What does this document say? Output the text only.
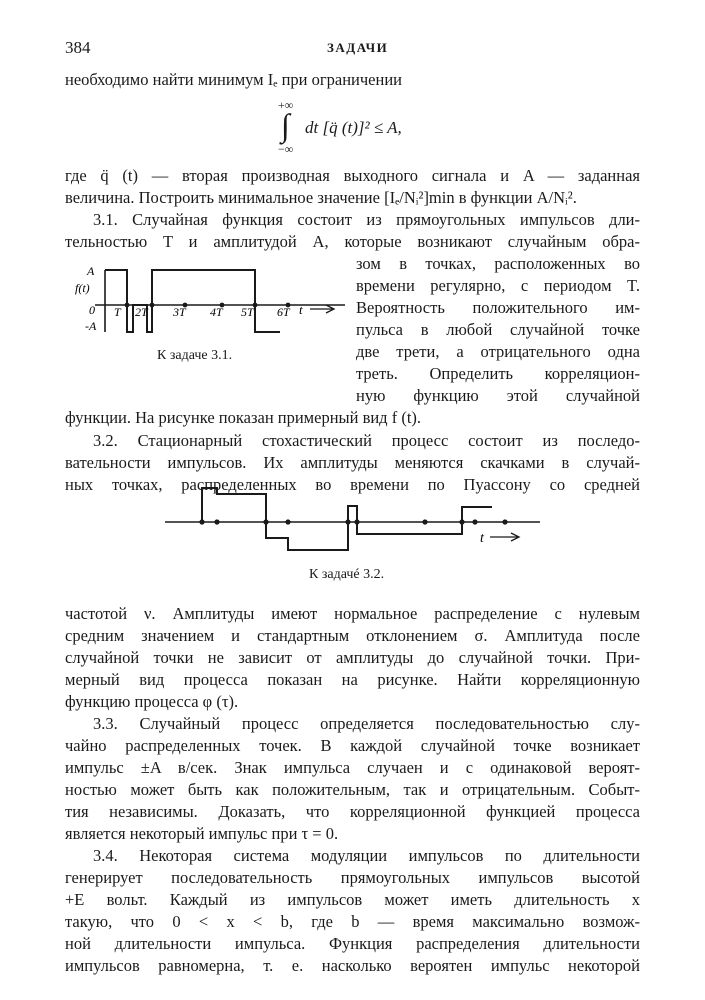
384	ЗАДАЧИ
необходимо найти минимум Iₑ при ограничении
+∞
∫
−∞
dt [q̈ (t)]² ≤ A,
где q̈ (t) — вторая производная выходного сигнала и A — заданная
величина. Построить минимальное значение [Iₑ/Nᵢ²]min в функции A/Nᵢ².
3.1. Случайная функция состоит из прямоугольных импульсов дли-
тельностью T и амплитудой A, которые возникают случайным обра-
зом в точках, расположенных во
времени регулярно, с периодом T.
Вероятность положительного им-
пульса в любой случайной точке
две трети, а отрицательного одна
треть. Определить корреляцион-
ную функцию этой случайной
функции. На рисунке показан примерный вид f (t).
A
f(t)
0
-A
T 2T 3T 4T 5T 6T t
К задаче 3.1.
3.2. Стационарный стохастический процесс состоит из последо-
вательности импульсов. Их амплитуды меняются скачками в случай-
ных точках, распределенных во времени по Пуассону со средней
t
К задачé 3.2.
частотой ν. Амплитуды имеют нормальное распределение с нулевым
средним значением и стандартным отклонением σ. Амплитуда после
случайной точки не зависит от амплитуды до случайной точки. При-
мерный вид процесса показан на рисунке. Найти корреляционную
функцию процесса φ (τ).
3.3. Случайный процесс определяется последовательностью слу-
чайно распределенных точек. В каждой случайной точке возникает
импульс ±A в/сек. Знак импульса случаен и с одинаковой вероят-
ностью может быть как положительным, так и отрицательным. Событ-
тия независимы. Доказать, что корреляционной функцией процесса
является некоторый импульс при τ = 0.
3.4. Некоторая система модуляции импульсов по длительности
генерирует последовательность прямоугольных импульсов высотой
+E вольт. Каждый из импульсов может иметь длительность x
такую, что 0 < x < b, где b — время максимально возмож-
ной длительности импульса. Функция распределения длительности
импульсов равномерна, т. е. насколько вероятен импульс некоторой
